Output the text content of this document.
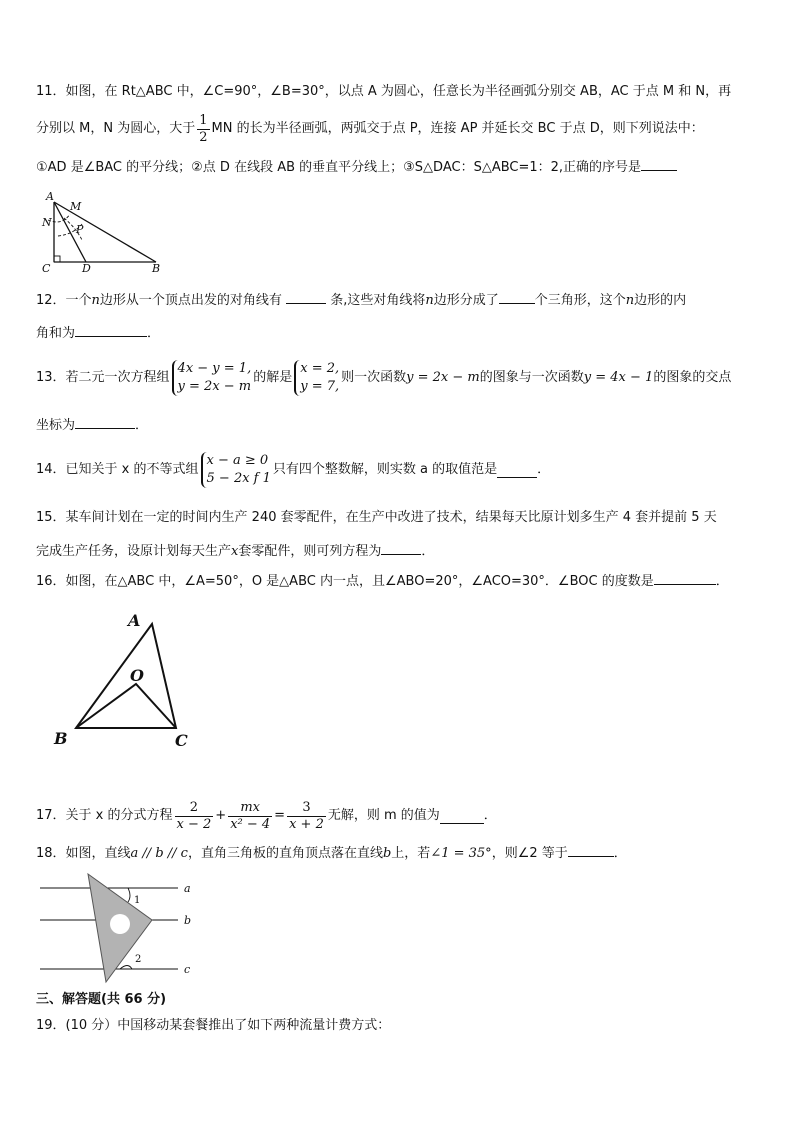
11．如图，在 Rt△ABC 中，∠C=90°，∠B=30°，以点 A 为圆心，任意长为半径画弧分别交 AB，AC 于点 M 和 N，再
分别以 M，N 为圆心，大于 $\frac{1}{2}$ MN 的长为半径画弧，两弧交于点 P，连接 AP 并延长交 BC 于点 D，则下列说法中：
①AD 是∠BAC 的平分线；②点 D 在线段 AB 的垂直平分线上；③S△DAC：S△ABC=1：2,正确的序号是
A
M
N
P
C	D	B
12．一个n边形从一个顶点出发的对角线有	条,这些对角线将n边形分成了	个三角形，这个n边形的内
角和为	．
13．若二元一次方程组
4x − y = 1,
y = 2x − m
的解是
x = 2,
y = 7,
则一次函数 y = 2x − m 的图象与一次函数 y = 4x − 1 的图象的交点
坐标为	．
14．已知关于 x 的不等式组
x − a ≥ 0
5 − 2x f 1
只有四个整数解，则实数 a 的取值范是	．
15．某车间计划在一定的时间内生产 240 套零配件，在生产中改进了技术，结果每天比原计划多生产 4 套并提前 5 天
完成生产任务，设原计划每天生产x套零配件，则可列方程为	．
16．如图，在△ABC 中，∠A=50°，O 是△ABC 内一点，且∠ABO=20°，∠ACO=30°．∠BOC 的度数是	．
A
O
B	C
17．关于 x 的分式方程 $\frac{2}{x - 2} + \frac{mx}{\text{x² − 4}} = \frac{3}{x + 2}$ 无解，则 m 的值为	．
18．如图，直线a // b // c，直角三角板的直角顶点落在直线b上，若∠1 = 35°，则∠2 等于	．
a
b
c
1
2
三、解答题(共 66 分)
19．(10 分）中国移动某套餐推出了如下两种流量计费方式：
